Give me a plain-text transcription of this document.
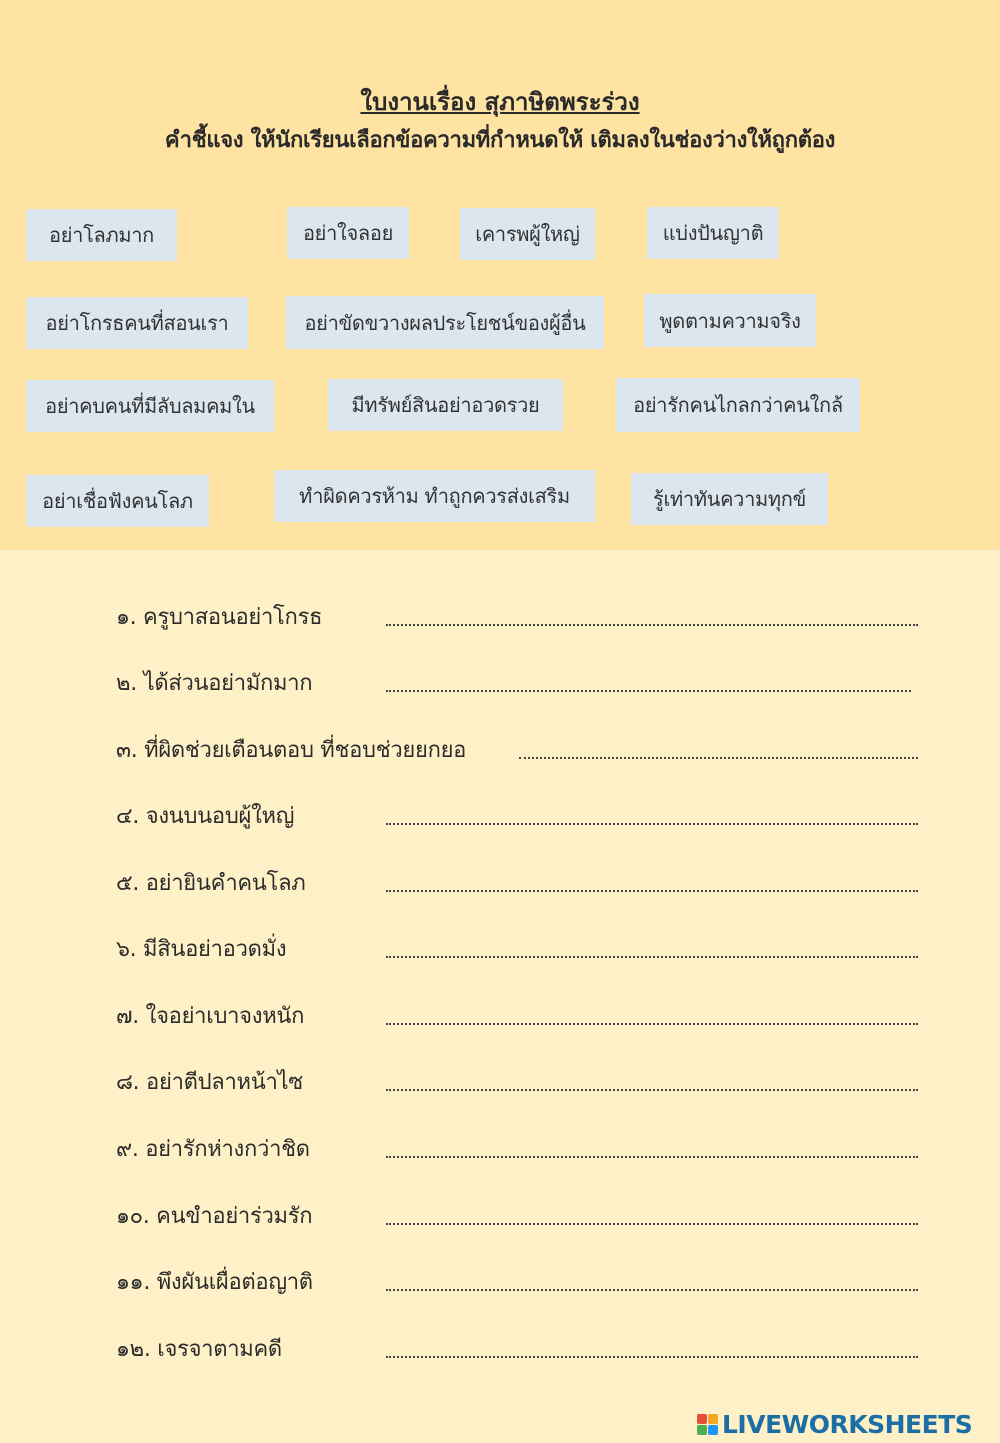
ใบงานเรื่อง สุภาษิตพระร่วง
คำชี้แจง ให้นักเรียนเลือกข้อความที่กำหนดให้ เติมลงในช่องว่างให้ถูกต้อง
อย่าโลภมาก	อย่าใจลอย	เคารพผู้ใหญ่	แบ่งปันญาติ
อย่าโกรธคนที่สอนเรา	อย่าขัดขวางผลประโยชน์ของผู้อื่น	พูดตามความจริง
อย่าคบคนที่มีลับลมคมใน	มีทรัพย์สินอย่าอวดรวย	อย่ารักคนไกลกว่าคนใกล้
อย่าเชื่อฟังคนโลภ	ทำผิดควรห้าม ทำถูกควรส่งเสริม	รู้เท่าทันความทุกข์
๑. ครูบาสอนอย่าโกรธ
๒. ได้ส่วนอย่ามักมาก
๓. ที่ผิดช่วยเตือนตอบ ที่ชอบช่วยยกยอ
๔. จงนบนอบผู้ใหญ่
๕. อย่ายินคำคนโลภ
๖. มีสินอย่าอวดมั่ง
๗. ใจอย่าเบาจงหนัก
๘. อย่าตีปลาหน้าไซ
๙. อย่ารักห่างกว่าชิด
๑๐. คนขำอย่าร่วมรัก
๑๑. พึงผันเผื่อต่อญาติ
๑๒. เจรจาตามคดี
LIVEWORKSHEETS
